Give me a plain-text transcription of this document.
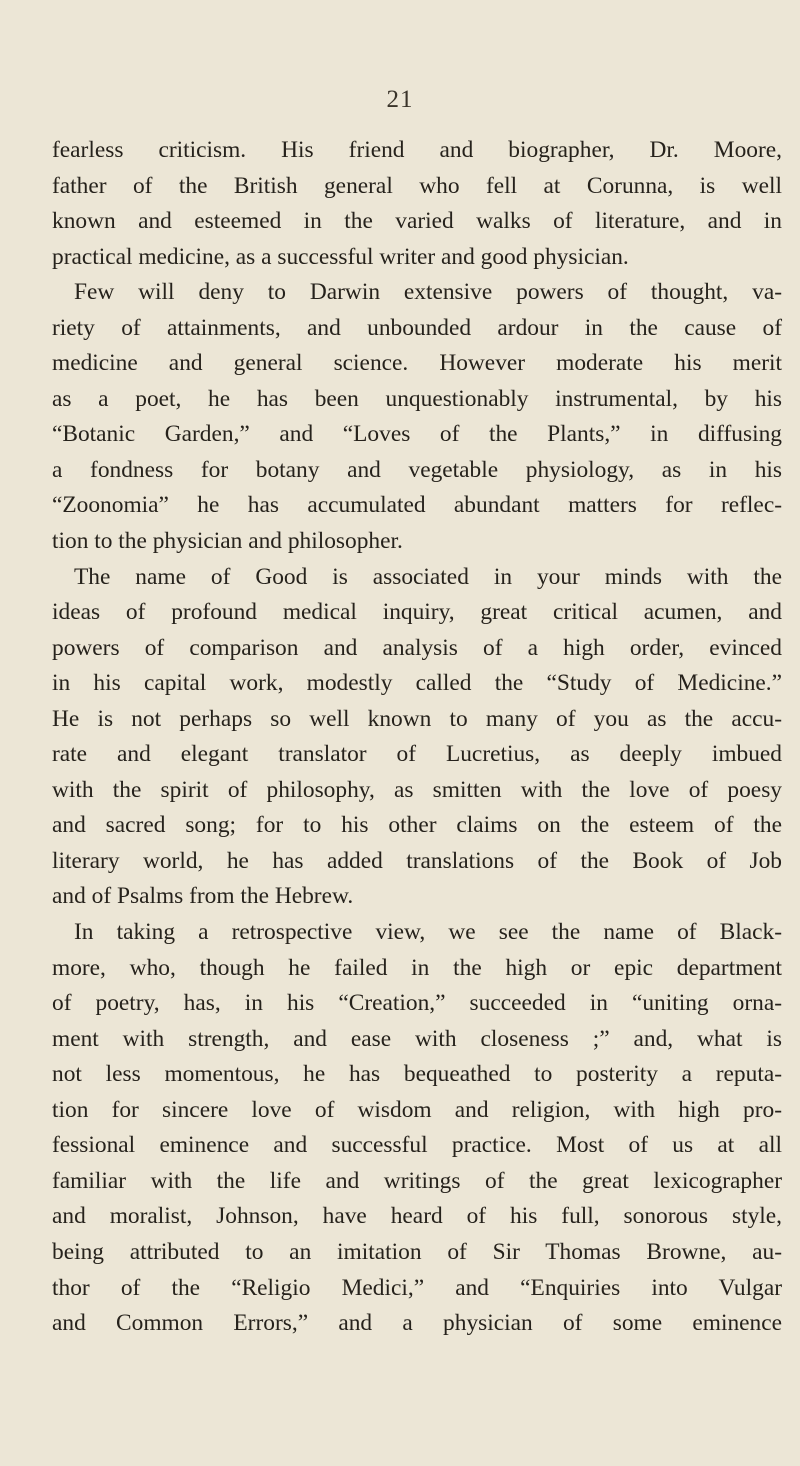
21
fearless criticism. His friend and biographer, Dr. Moore,
father of the British general who fell at Corunna, is well
known and esteemed in the varied walks of literature, and in
practical medicine, as a successful writer and good physician.
Few will deny to Darwin extensive powers of thought, va-
riety of attainments, and unbounded ardour in the cause of
medicine and general science. However moderate his merit
as a poet, he has been unquestionably instrumental, by his
“Botanic Garden,” and “Loves of the Plants,” in diffusing
a fondness for botany and vegetable physiology, as in his
“Zoonomia” he has accumulated abundant matters for reflec-
tion to the physician and philosopher.
The name of Good is associated in your minds with the
ideas of profound medical inquiry, great critical acumen, and
powers of comparison and analysis of a high order, evinced
in his capital work, modestly called the “Study of Medicine.”
He is not perhaps so well known to many of you as the accu-
rate and elegant translator of Lucretius, as deeply imbued
with the spirit of philosophy, as smitten with the love of poesy
and sacred song; for to his other claims on the esteem of the
literary world, he has added translations of the Book of Job
and of Psalms from the Hebrew.
In taking a retrospective view, we see the name of Black-
more, who, though he failed in the high or epic department
of poetry, has, in his “Creation,” succeeded in “uniting orna-
ment with strength, and ease with closeness ;” and, what is
not less momentous, he has bequeathed to posterity a reputa-
tion for sincere love of wisdom and religion, with high pro-
fessional eminence and successful practice. Most of us at all
familiar with the life and writings of the great lexicographer
and moralist, Johnson, have heard of his full, sonorous style,
being attributed to an imitation of Sir Thomas Browne, au-
thor of the “Religio Medici,” and “Enquiries into Vulgar
and Common Errors,” and a physician of some eminence
